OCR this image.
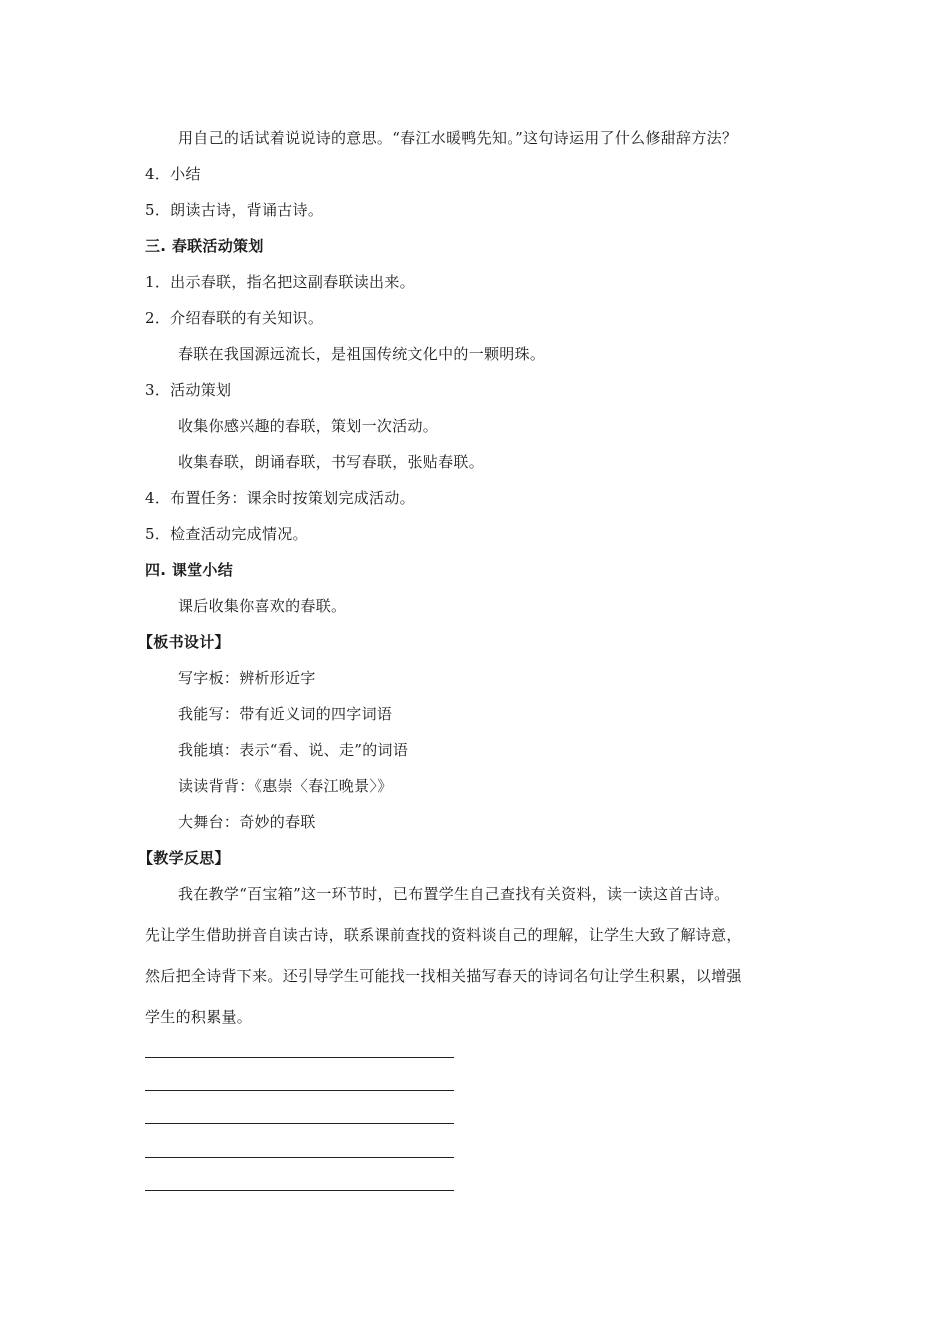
用自己的话试着说说诗的意思。“春江水暖鸭先知。”这句诗运用了什么修甜辞方法？
4．小结
5．朗读古诗，背诵古诗。
三. 春联活动策划
1．出示春联，指名把这副春联读出来。
2．介绍春联的有关知识。
春联在我国源远流长，是祖国传统文化中的一颗明珠。
3．活动策划
收集你感兴趣的春联，策划一次活动。
收集春联，朗诵春联，书写春联，张贴春联。
4．布置任务：课余时按策划完成活动。
5．检查活动完成情况。
四. 课堂小结
课后收集你喜欢的春联。
【板书设计】
写字板：辨析形近字
我能写：带有近义词的四字词语
我能填：表示“看、说、走”的词语
读读背背：《惠崇〈春江晚景〉》
大舞台：奇妙的春联
【教学反思】
我在教学“百宝箱”这一环节时，已布置学生自己查找有关资料，读一读这首古诗。
先让学生借助拼音自读古诗，联系课前查找的资料谈自己的理解，让学生大致了解诗意，
然后把全诗背下来。还引导学生可能找一找相关描写春天的诗词名句让学生积累，以增强
学生的积累量。
